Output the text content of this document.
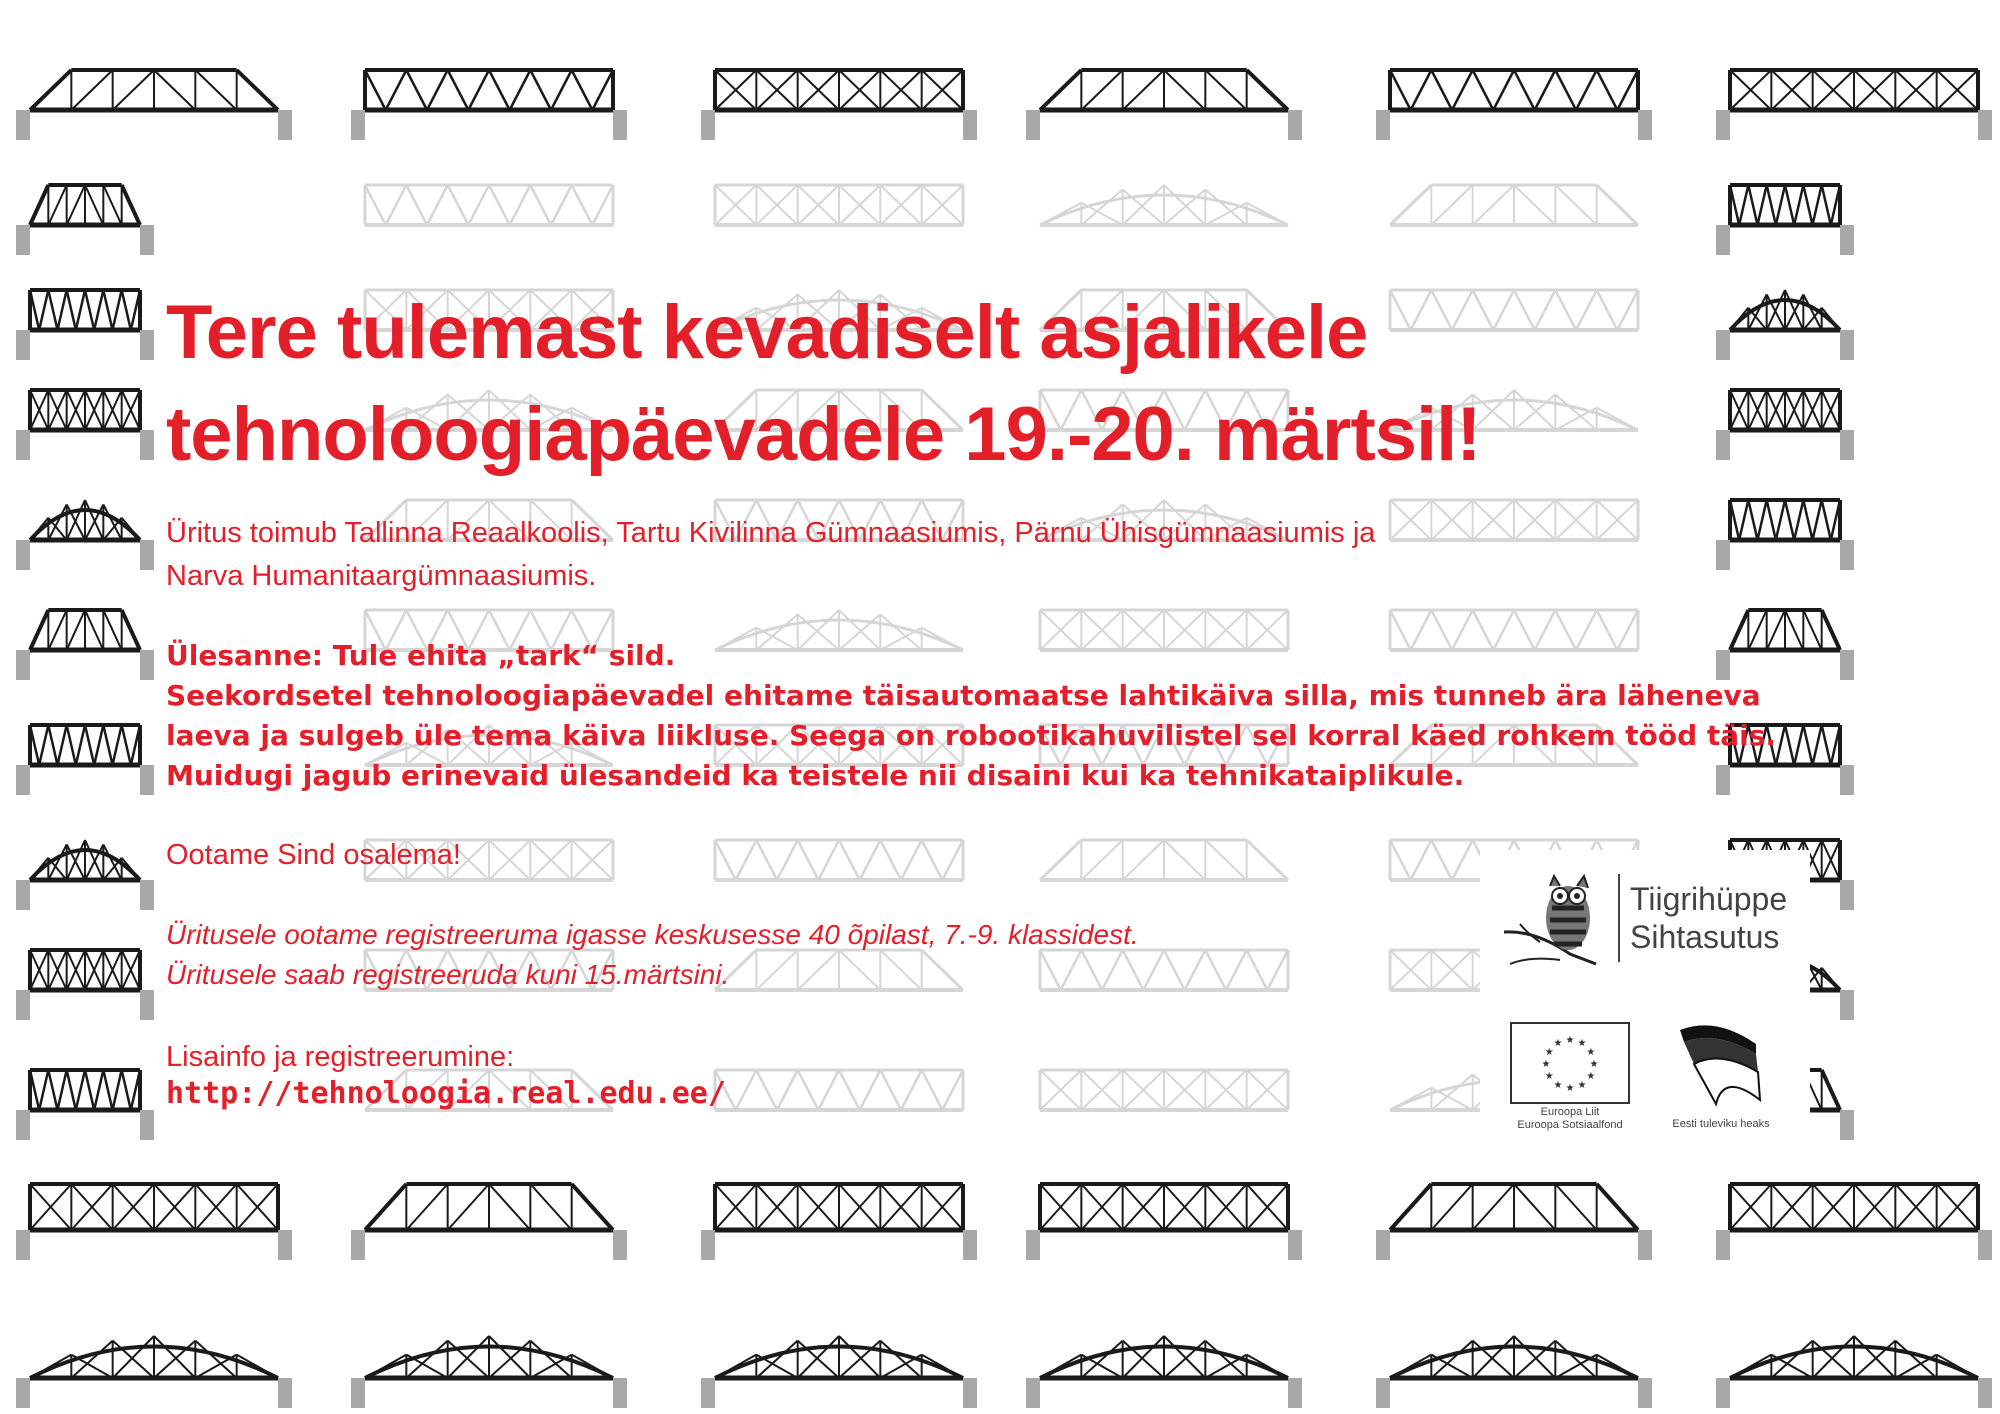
Tere tulemast kevadiselt asjalikele
tehnoloogiapäevadele 19.-20. märtsil!
Üritus toimub Tallinna Reaalkoolis, Tartu Kivilinna Gümnaasiumis, Pärnu Ühisgümnaasiumis ja
Narva Humanitaargümnaasiumis.
Ülesanne: Tule ehita „tark“ sild.
Seekordsetel tehnoloogiapäevadel ehitame täisautomaatse lahtikäiva silla, mis tunneb ära läheneva
laeva ja sulgeb üle tema käiva liikluse. Seega on robootikahuvilistel sel korral käed rohkem tööd täis.
Muidugi jagub erinevaid ülesandeid ka teistele nii disaini kui ka tehnikataiplikule.
Ootame Sind osalema!
Üritusele ootame registreeruma igasse keskusesse 40 õpilast, 7.-9. klassidest.
Üritusele saab registreeruda kuni 15.märtsini.
Lisainfo ja registreerumine:
http://tehnoloogia.real.edu.ee/
Tiigrihüppe
Sihtasutus
★
★
★
★
★
★
★
★
★ ★ ★
★
Euroopa Liit
Euroopa Sotsiaalfond	Eesti tuleviku heaks
